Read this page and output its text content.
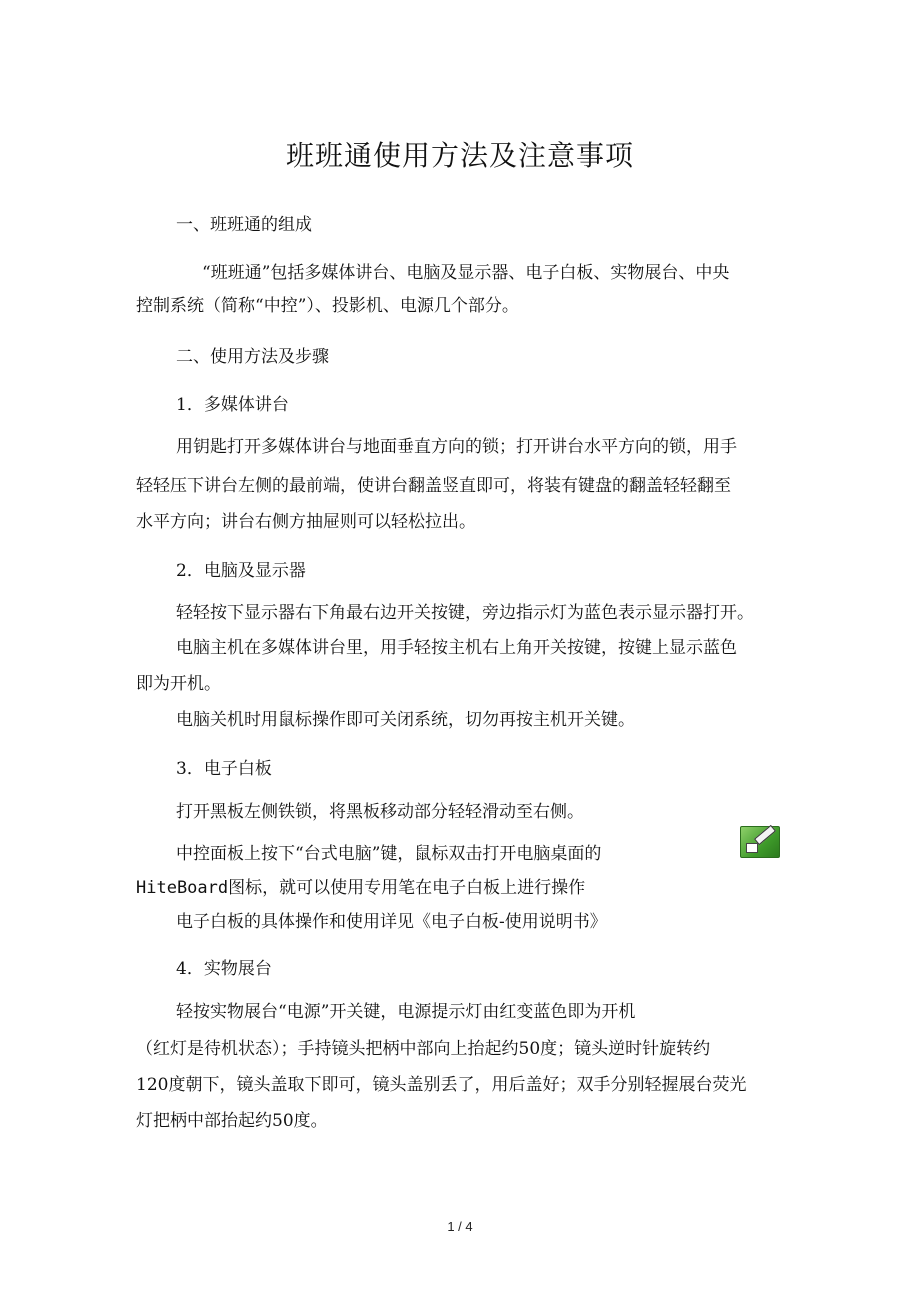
班班通使用方法及注意事项
一、班班通的组成
“班班通”包括多媒体讲台、电脑及显示器、电子白板、实物展台、中央
控制系统（简称“中控”）、投影机、电源几个部分。
二、使用方法及步骤
1．多媒体讲台
用钥匙打开多媒体讲台与地面垂直方向的锁；打开讲台水平方向的锁，用手
轻轻压下讲台左侧的最前端，使讲台翻盖竖直即可，将装有键盘的翻盖轻轻翻至
水平方向；讲台右侧方抽屉则可以轻松拉出。
2．电脑及显示器
轻轻按下显示器右下角最右边开关按键，旁边指示灯为蓝色表示显示器打开。
电脑主机在多媒体讲台里，用手轻按主机右上角开关按键，按键上显示蓝色
即为开机。
电脑关机时用鼠标操作即可关闭系统，切勿再按主机开关键。
3．电子白板
打开黑板左侧铁锁，将黑板移动部分轻轻滑动至右侧。
中控面板上按下“台式电脑”键，鼠标双击打开电脑桌面的
HiteBoard图标，就可以使用专用笔在电子白板上进行操作
电子白板的具体操作和使用详见《电子白板-使用说明书》
4．实物展台
轻按实物展台“电源”开关键，电源提示灯由红变蓝色即为开机
（红灯是待机状态）；手持镜头把柄中部向上抬起约50度；镜头逆时针旋转约
120度朝下，镜头盖取下即可，镜头盖别丢了，用后盖好；双手分别轻握展台荧光
灯把柄中部抬起约50度。
1 / 4
